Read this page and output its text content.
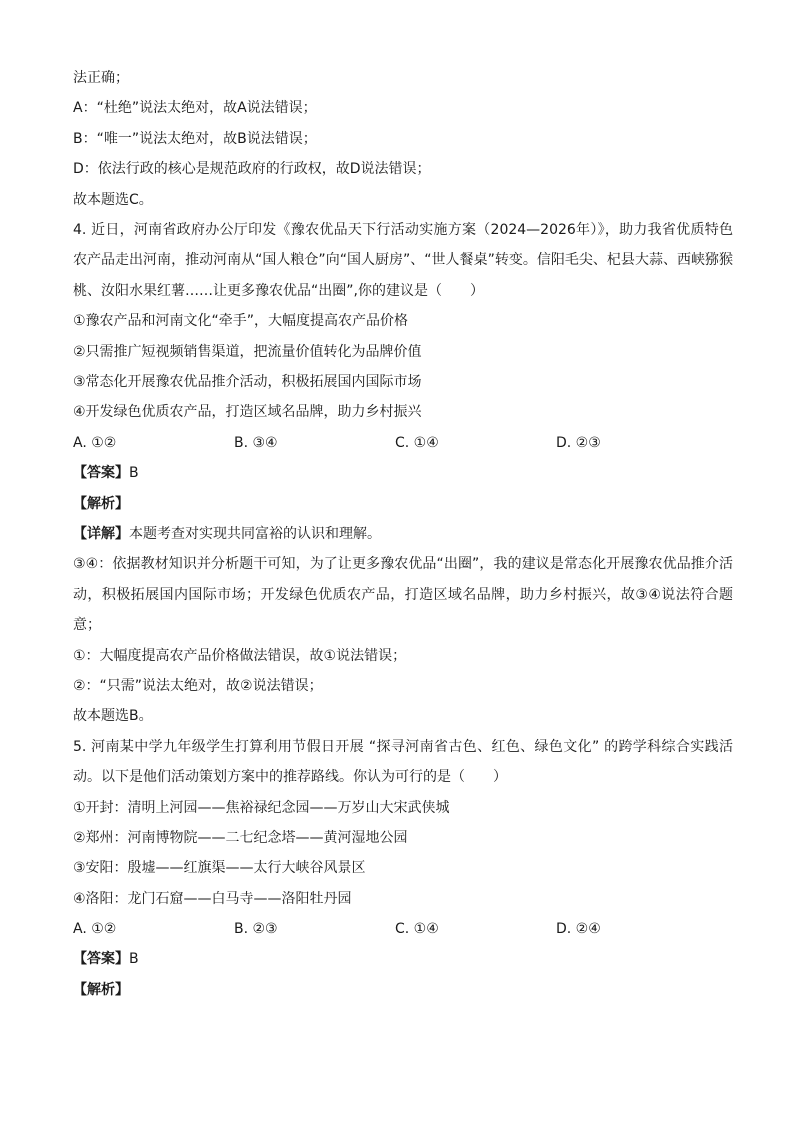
法正确；
A：“杜绝”说法太绝对，故A说法错误；
B：“唯一”说法太绝对，故B说法错误；
D：依法行政的核心是规范政府的行政权，故D说法错误；
故本题选C。
4. 近日，河南省政府办公厅印发《豫农优品天下行活动实施方案（2024—2026年）》，助力我省优质特色农产品走出河南，推动河南从“国人粮仓”向“国人厨房”、“世人餐桌”转变。信阳毛尖、杞县大蒜、西峡猕猴桃、汝阳水果红薯……让更多豫农优品“出圈”,你的建议是（　　）
①豫农产品和河南文化“牵手”，大幅度提高农产品价格
②只需推广短视频销售渠道，把流量价值转化为品牌价值
③常态化开展豫农优品推介活动，积极拓展国内国际市场
④开发绿色优质农产品，打造区域名品牌，助力乡村振兴
A. ①②	B. ③④	C. ①④	D. ②③
【答案】B
【解析】
【详解】本题考查对实现共同富裕的认识和理解。
③④：依据教材知识并分析题干可知，为了让更多豫农优品“出圈”，我的建议是常态化开展豫农优品推介活动，积极拓展国内国际市场；开发绿色优质农产品，打造区域名品牌，助力乡村振兴，故③④说法符合题意；
①：大幅度提高农产品价格做法错误，故①说法错误；
②：“只需”说法太绝对，故②说法错误；
故本题选B。
5. 河南某中学九年级学生打算利用节假日开展 “探寻河南省古色、红色、绿色文化” 的跨学科综合实践活动。以下是他们活动策划方案中的推荐路线。你认为可行的是（　　）
①开封：清明上河园——焦裕禄纪念园——万岁山大宋武侠城
②郑州：河南博物院——二七纪念塔——黄河湿地公园
③安阳：殷墟——红旗渠——太行大峡谷风景区
④洛阳：龙门石窟——白马寺——洛阳牡丹园
A. ①②	B. ②③	C. ①④	D. ②④
【答案】B
【解析】
